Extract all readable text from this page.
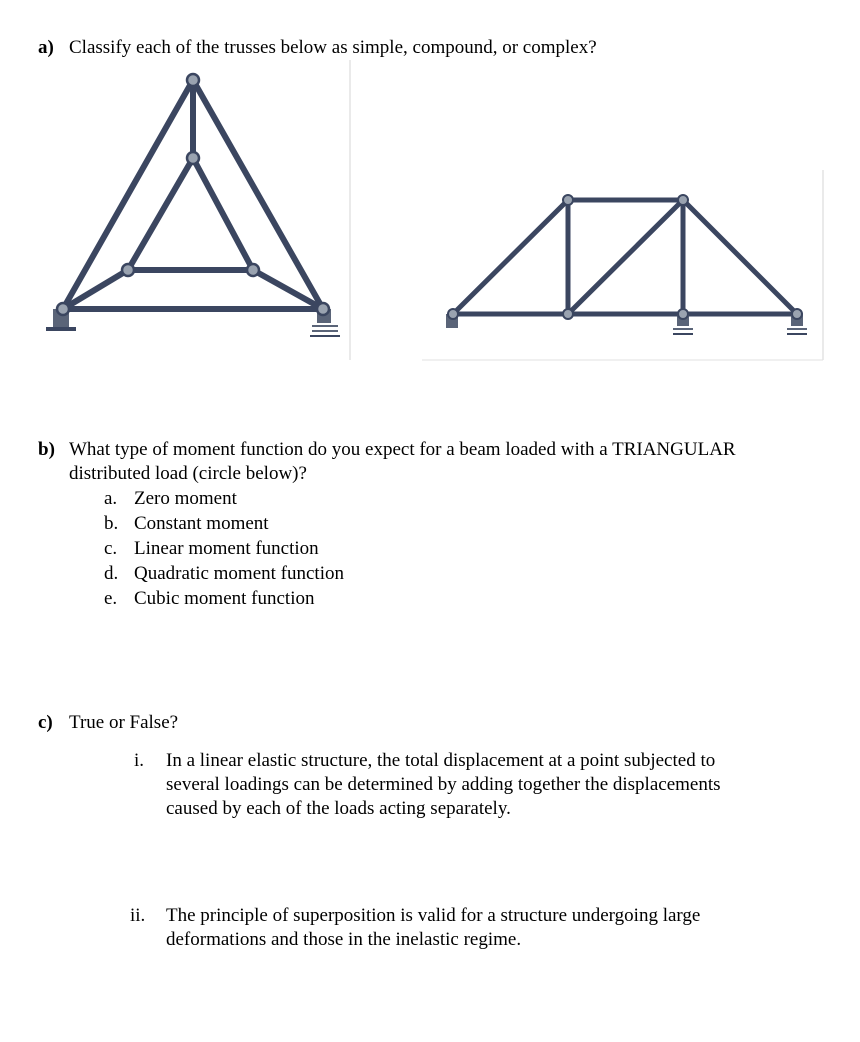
a) Classify each of the trusses below as simple, compound, or complex?
b) What type of moment function do you expect for a beam loaded with a TRIANGULAR
distributed load (circle below)?
a. Zero moment
b. Constant moment
c. Linear moment function
d. Quadratic moment function
e. Cubic moment function
c) True or False?
i. In a linear elastic structure, the total displacement at a point subjected to
several loadings can be determined by adding together the displacements
caused by each of the loads acting separately.
ii. The principle of superposition is valid for a structure undergoing large
deformations and those in the inelastic regime.
